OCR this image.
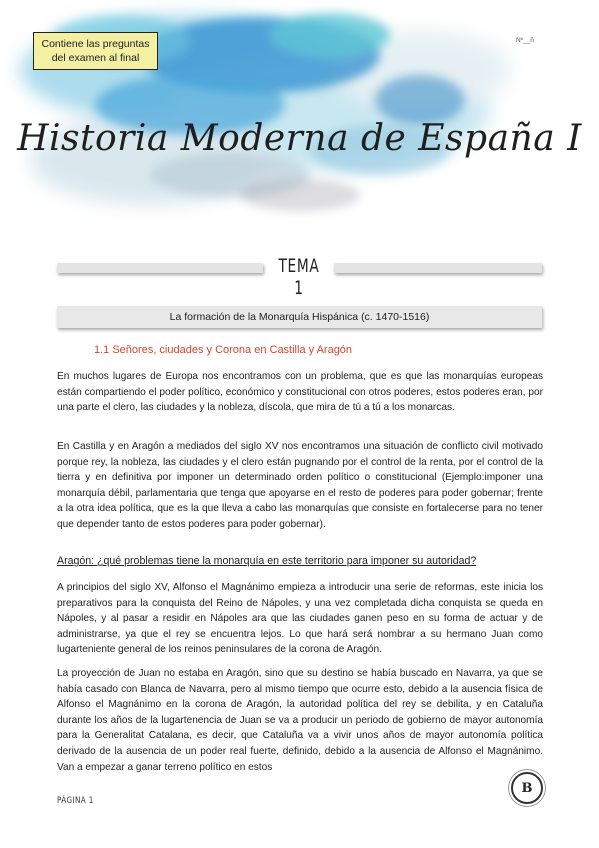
Contiene las preguntas
del examen al final
Nº__ñ
Historia Moderna de España I
TEMA 1
La formación de la Monarquía Hispánica (c. 1470-1516)
1.1 Señores, ciudades y Corona en Castilla y Aragón

En muchos lugares de Europa nos encontramos con un problema, que es que las monarquías europeas están compartiendo el poder político, económico y constitucional con otros poderes, estos poderes eran, por una parte el clero, las ciudades y la nobleza, díscola, que mira de tú a tú a los monarcas.

En Castilla y en Aragón a mediados del siglo XV nos encontramos una situación de conflicto civil motivado porque rey, la nobleza, las ciudades y el clero están pugnando por el control de la renta, por el control de la tierra y en definitiva por imponer un determinado orden político o constitucional (Ejemplo:imponer una monarquía débil, parlamentaria que tenga que apoyarse en el resto de poderes para poder gobernar; frente a la otra idea política, que es la que lleva a cabo las monarquías que consiste en fortalecerse para no tener que depender tanto de estos poderes para poder gobernar).

Aragón: ¿qué problemas tiene la monarquía en este territorio para imponer su autoridad?

A principios del siglo XV, Alfonso el Magnánimo empieza a introducir una serie de reformas, este inicia los preparativos para la conquista del Reino de Nápoles, y una vez completada dicha conquista se queda en Nápoles, y al pasar a residir en Nápoles ara que las ciudades ganen peso en su forma de actuar y de administrarse, ya que el rey se encuentra lejos. Lo que hará será nombrar a su hermano Juan como lugarteniente general de los reinos peninsulares de la corona de Aragón.

La proyección de Juan no estaba en Aragón, sino que su destino se había buscado en Navarra, ya que se había casado con Blanca de Navarra, pero al mismo tiempo que ocurre esto, debido a la ausencia física de Alfonso el Magnánimo en la corona de Aragón, la autoridad política del rey se debilita, y en Cataluña durante los años de la lugartenencia de Juan se va a producir un periodo de gobierno de mayor autonomía para la Generalitat Catalana, es decir, que Cataluña va a vivir unos años de mayor autonomía política derivado de la ausencia de un poder real fuerte, definido, debido a la ausencia de Alfonso el Magnánimo. Van a empezar a ganar terreno político en estos

B
PÁGINA 1
